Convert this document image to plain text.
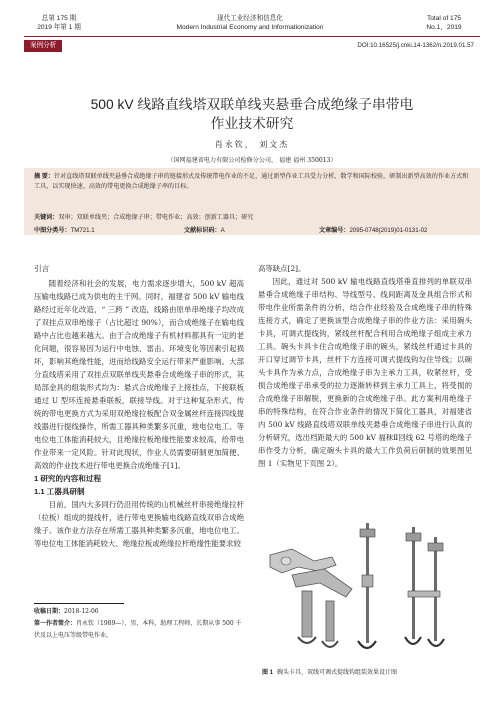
总第 175 期
2019 年第 1 期
现代工业经济和信息化
Modern Industrial Economy and Informationization
Total of 175
No.1，2019
案例分析	DOI:10.16525/j.cnki.14-1362/n.2019.01.57
500 kV 线路直线塔双联单线夹悬垂合成绝缘子串带电
作业技术研究
肖永钦， 刘文杰
（国网福建省电力有限公司检修分公司， 福建 福州 350013）
摘 要：针对直线塔双联单线夹悬垂合成绝缘子串的链接形式及传统带电作业的不足，通过新型作业工具受力分析、数学和国际校验，研制出新型高效的作业方式和工具，以实现快速、高效的带电更换合成绝缘子串的目标。
关键词：双串；双联单线夹；合成绝缘子串；带电作业；高效；创新工器具；研究
中图分类号：TM721.1	文献标识码：A	文章编号：2095-0748(2019)01-0131-02
引言

随着经济和社会的发展，电力需求逐步增大，500 kV 超高压输电线路已成为供电的主干网。同时，福建省 500 kV 输电线路经过近年化改造，“ 三跨 ” 改造，线路由原单串绝缘子均改成了双挂点双串绝缘子（占比超过 90%），而合成绝缘子在输电线路中占比也越来越大。由于合成绝缘子有机材料都具有一定的老化问题，很容易因为运行中电蚀、雷击、环境变化等因素引起损坏，影响其绝缘性能，进而给线路安全运行带来严重影响。大部分直线塔采用了双挂点双联单线夹悬垂合成绝缘子串的形式，其局部金具的组装形式均为：悬式合成绝缘子上接挂点，下接联板通过 U 型环连接悬垂联板，联接导线。对于这种复杂形式，传统的带电更换方式为采用双绝缘拉板配合双金属丝杆连接四线提线器进行提线操作，所需工器具种类繁多沉重，地电位电工、等电位电工体能消耗较大，且绝缘拉板绝缘性能要求较高，给带电作业带来一定风险。针对此现状，作业人员需要研制更加简便、高效的作业技术进行带电更换合成绝缘子[1]。

1 研究的内容和过程

1.1 工器具研制

目前，国内大多同行仍沿用传统的山机械丝杆串接绝缘拉杆（拉板）组成的提线杆，进行带电更换输电线路直线双串合成绝缘子。该作业方法存在所需工器具种类繁多沉重，地电位电工、等电位电工体能消耗较大、绝缘拉板或绝缘拉杆绝缘性能要求较

高等缺点[2]。

因此，通过对 500 kV 输电线路直线塔垂直排列的单联双串悬垂合成绝缘子串结构、导线型号、线间距离及金具组合形式和带电作业所需条件的分析，结合作业经验及合成绝缘子串的特殊连接方式，确定了更换该型合成绝缘子串的作业方法：采用碗头卡具，可调式提线钩，紧线丝杆配合利用合成绝缘子组成主承力工具。碗头卡具卡住合成绝缘子串的碗头，紧线丝杆通过卡具的开口穿过调节卡具，丝杆下方连接可调式提线钩勾住导线；以碗头卡具作为承力点，合成绝缘子串为主承力工具，收紧丝杆，受损合成绝缘子串承受的拉力逐渐转移到主承力工具上，将受损的合成绝缘子串解脱，更换新的合成绝缘子串。此方案利用绝缘子串的特殊结构，在符合作业条件的情况下简化工器具，对福建省内 500 kV 线路直线塔双联单线夹悬垂合成绝缘子串进行认真的分析研究，选出档距最大的 500 kV 福秣Ⅱ回线 62 号塔的绝缘子串作受力分析，确定碗头卡具的最大工作负荷后研制的效果图见图 1（实物见下页图 2）。

收稿日期：2018-12-06
第一作者简介：肖永钦（1989—），男，本科，助理工程师，长期从事 500 千伏及以上电压等级带电作业。
图 1 碗头卡具、双线可调式提线钩组装效果设计图
